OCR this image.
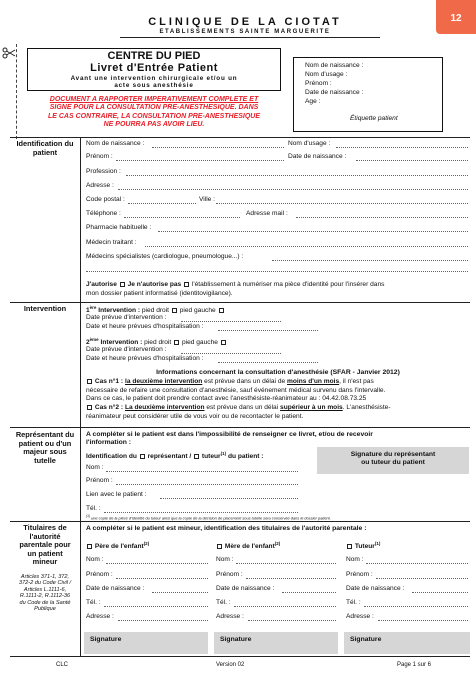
CLINIQUE DE LA CIOTAT
ETABLISSEMENTS SAINTE MARGUERITE
12
CENTRE DU PIED
Livret d'Entrée Patient
Avant une intervention chirurgicale et/ou un
acte sous anesthésie
DOCUMENT A RAPPORTER IMPERATIVEMENT COMPLETE ET
SIGNE POUR LA CONSULTATION PRE-ANESTHESIQUE. DANS
LE CAS CONTRAIRE, LA CONSULTATION PRE-ANESTHESIQUE
NE POURRA PAS AVOIR LIEU.
Nom de naissance :
Nom d'usage :
Prénom :
Date de naissance :
Age :
Étiquette patient
Identification du patient
Nom de naissance :	Nom d'usage :
Prénom :	Date de naissance :
Profession :
Adresse :
Code postal :	Ville :
Téléphone :	Adresse mail :
Pharmacie habituelle :
Médecin traitant :
Médecins spécialistes (cardiologue, pneumologue...) :
J'autorise Je n'autorise pas l'établissement à numériser ma pièce d'identité pour l'insérer dans
mon dossier patient informatisé (identitovigilance).
Intervention	1ère Intervention : pied droit pied gauche
Date prévue d'intervention :
Date et heure prévues d'hospitalisation :
2ème Intervention : pied droit pied gauche
Date prévue d'intervention :
Date et heure prévues d'hospitalisation :
Informations concernant la consultation d'anesthésie (SFAR - Janvier 2012)
Cas n°1 : la deuxième intervention est prévue dans un délai de moins d'un mois, il n'est pas
nécessaire de refaire une consultation d'anesthésie, sauf événement médical survenu dans l'intervalle.
Dans ce cas, le patient doit prendre contact avec l'anesthésiste-réanimateur au : 04.42.08.73.25
Cas n°2 : La deuxième intervention est prévue dans un délai supérieur à un mois. L'anesthésiste-
réanimateur peut considérer utile de vous voir ou de recontacter le patient.
Représentant du patient ou d'un majeur sous tutelle
A compléter si le patient est dans l'impossibilité de renseigner ce livret, et/ou de recevoir
l'information :
Identification du représentant / tuteur$^{(1)}$ du patient :
Nom :
Prénom :
Lien avec le patient :
Tél. :
Signature du représentant
ou tuteur du patient
$^{(1)}$ une copie de la pièce d'identité du tuteur ainsi que la copie de la décision de placement sous tutelle sera conservée dans le dossier patient.
Titulaires de
l'autorité
parentale pour
un patient
mineur
Articles 371-1, 372,
372-2 du Code Civil /
Articles L.1111-6,
R.1111-2, R.1112-36
du Code de la Santé
Publique
A compléter si le patient est mineur, identification des titulaires de l'autorité parentale :
Père de l'enfant$^{(2)}$
Nom :
Prénom :
Date de naissance :
Tél. :
Adresse :
Signature
Mère de l'enfant$^{(2)}$
Nom :
Prénom :
Date de naissance :
Tél. :
Adresse :
Signature
Tuteur$^{(1)}$
Nom :
Prénom :
Date de naissance :
Tél. :
Adresse :
Signature
CLC	Version 02	Page 1 sur 6
